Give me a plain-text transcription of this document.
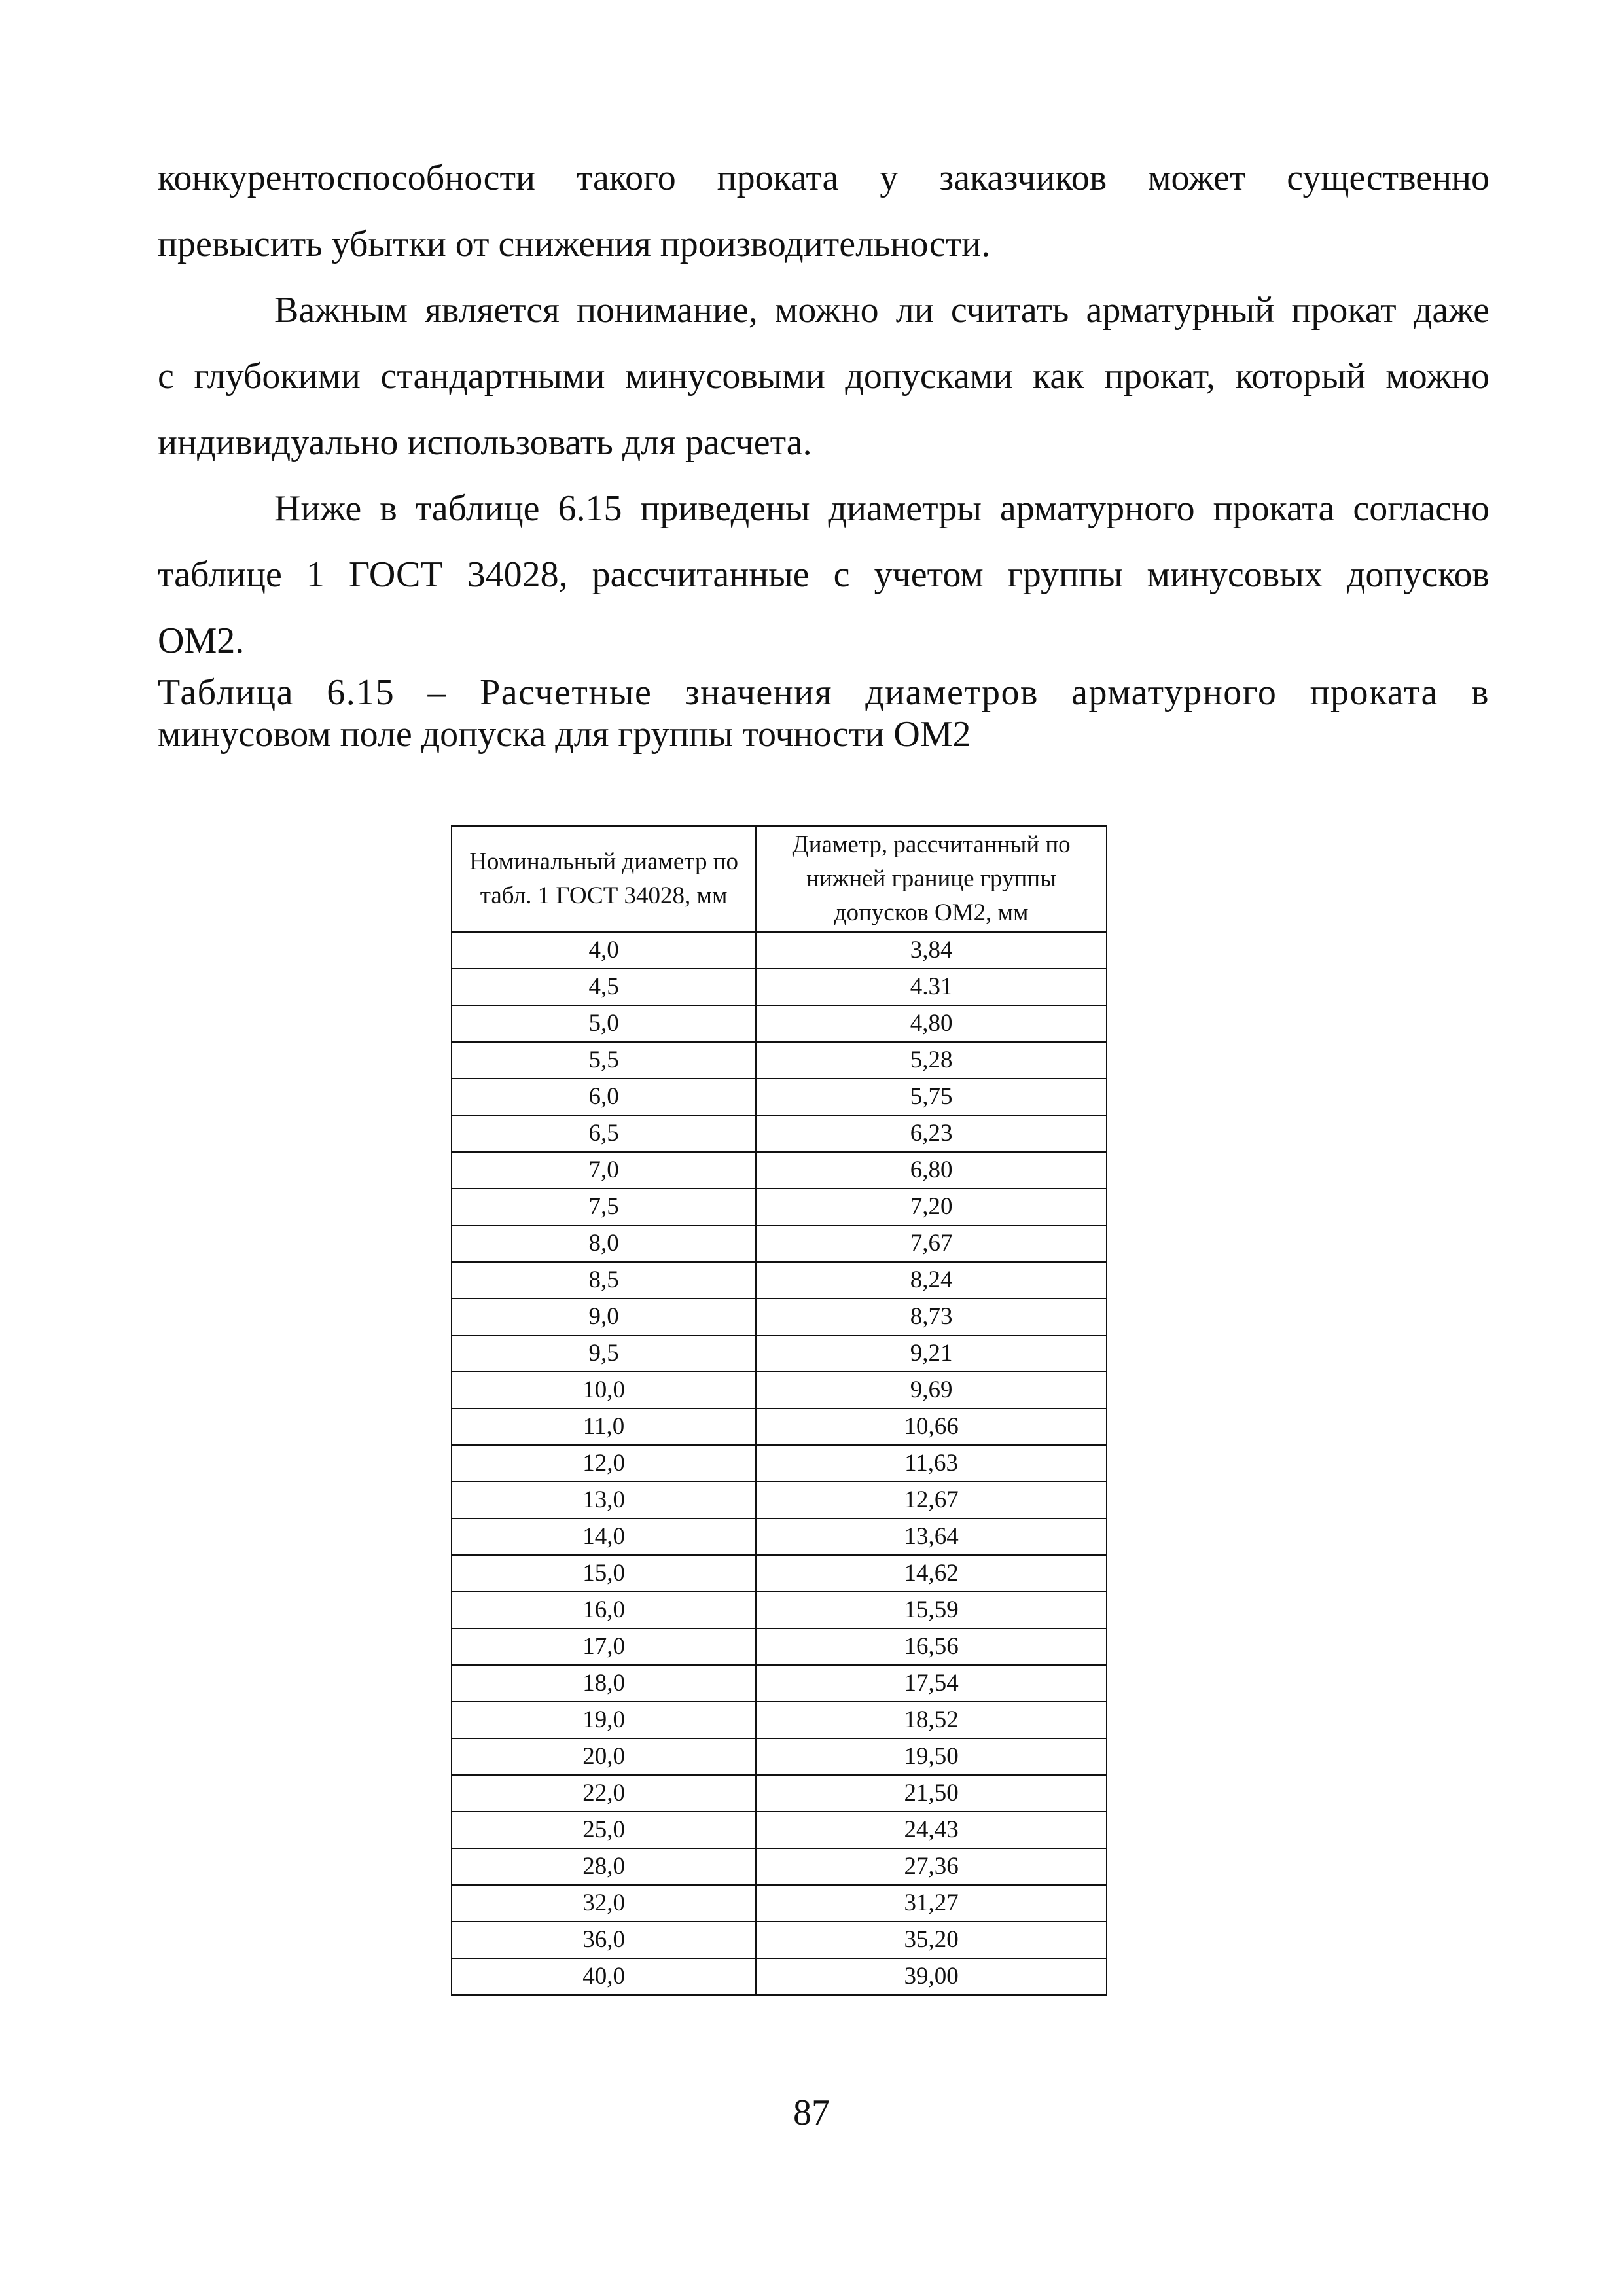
конкурентоспособности такого проката у заказчиков может существенно
превысить убытки от снижения производительности.
Важным является понимание, можно ли считать арматурный прокат даже
с глубокими стандартными минусовыми допусками как прокат, который можно
индивидуально использовать для расчета.
Ниже в таблице 6.15 приведены диаметры арматурного проката согласно
таблице 1 ГОСТ 34028, рассчитанные с учетом группы минусовых допусков
ОМ2.
Таблица 6.15 – Расчетные значения диаметров арматурного проката в
минусовом поле допуска для группы точности ОМ2
Номинальный диаметр по табл. 1 ГОСТ 34028, мм	Диаметр, рассчитанный по нижней границе группы допусков ОМ2, мм
4,0	3,84
4,5	4.31
5,0	4,80
5,5	5,28
6,0	5,75
6,5	6,23
7,0	6,80
7,5	7,20
8,0	7,67
8,5	8,24
9,0	8,73
9,5	9,21
10,0	9,69
11,0	10,66
12,0	11,63
13,0	12,67
14,0	13,64
15,0	14,62
16,0	15,59
17,0	16,56
18,0	17,54
19,0	18,52
20,0	19,50
22,0	21,50
25,0	24,43
28,0	27,36
32,0	31,27
36,0	35,20
40,0	39,00
87
